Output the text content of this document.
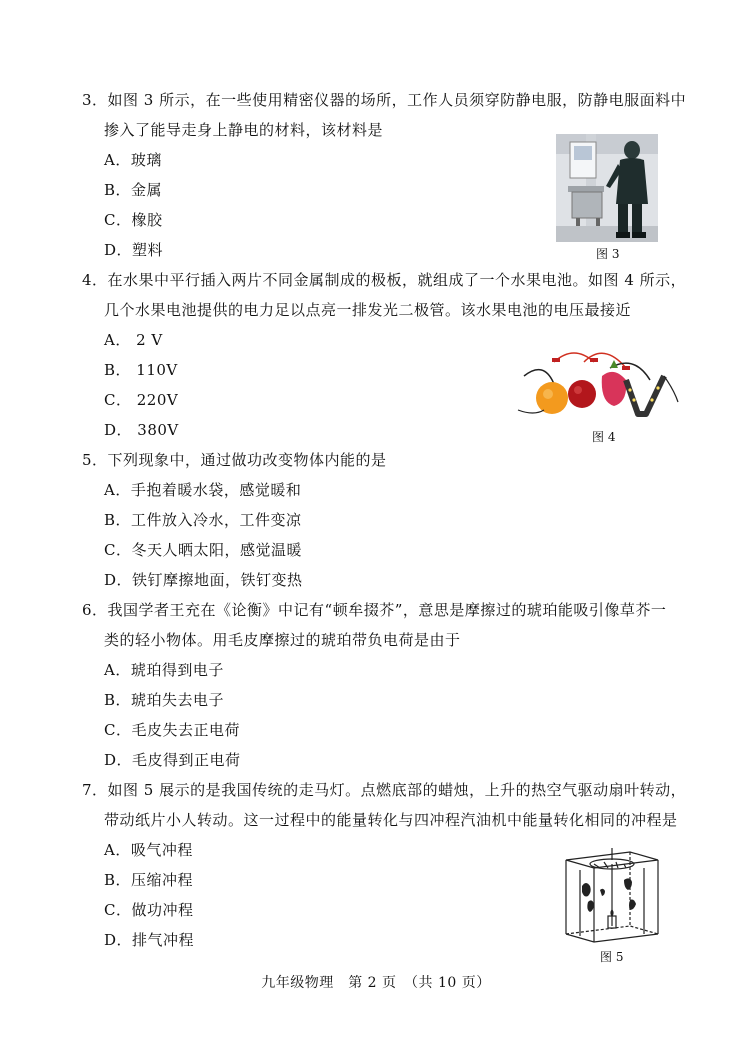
3．如图 3 所示，在一些使用精密仪器的场所，工作人员须穿防静电服，防静电服面料中
掺入了能导走身上静电的材料，该材料是
A．玻璃
B．金属
C．橡胶
D．塑料	图 3
4．在水果中平行插入两片不同金属制成的极板，就组成了一个水果电池。如图 4 所示，
几个水果电池提供的电力足以点亮一排发光二极管。该水果电池的电压最接近
A． 2 V
B． 110V
C． 220V
D． 380V	图 4
5．下列现象中，通过做功改变物体内能的是
A．手抱着暖水袋，感觉暖和
B．工件放入冷水，工件变凉
C．冬天人晒太阳，感觉温暖
D．铁钉摩擦地面，铁钉变热
6．我国学者王充在《论衡》中记有“顿牟掇芥”，意思是摩擦过的琥珀能吸引像草芥一
类的轻小物体。用毛皮摩擦过的琥珀带负电荷是由于
A．琥珀得到电子
B．琥珀失去电子
C．毛皮失去正电荷
D．毛皮得到正电荷
7．如图 5 展示的是我国传统的走马灯。点燃底部的蜡烛，上升的热空气驱动扇叶转动，
带动纸片小人转动。这一过程中的能量转化与四冲程汽油机中能量转化相同的冲程是
A．吸气冲程
B．压缩冲程
C．做功冲程
D．排气冲程
图 5
九年级物理　第 2 页　（共 10 页）
